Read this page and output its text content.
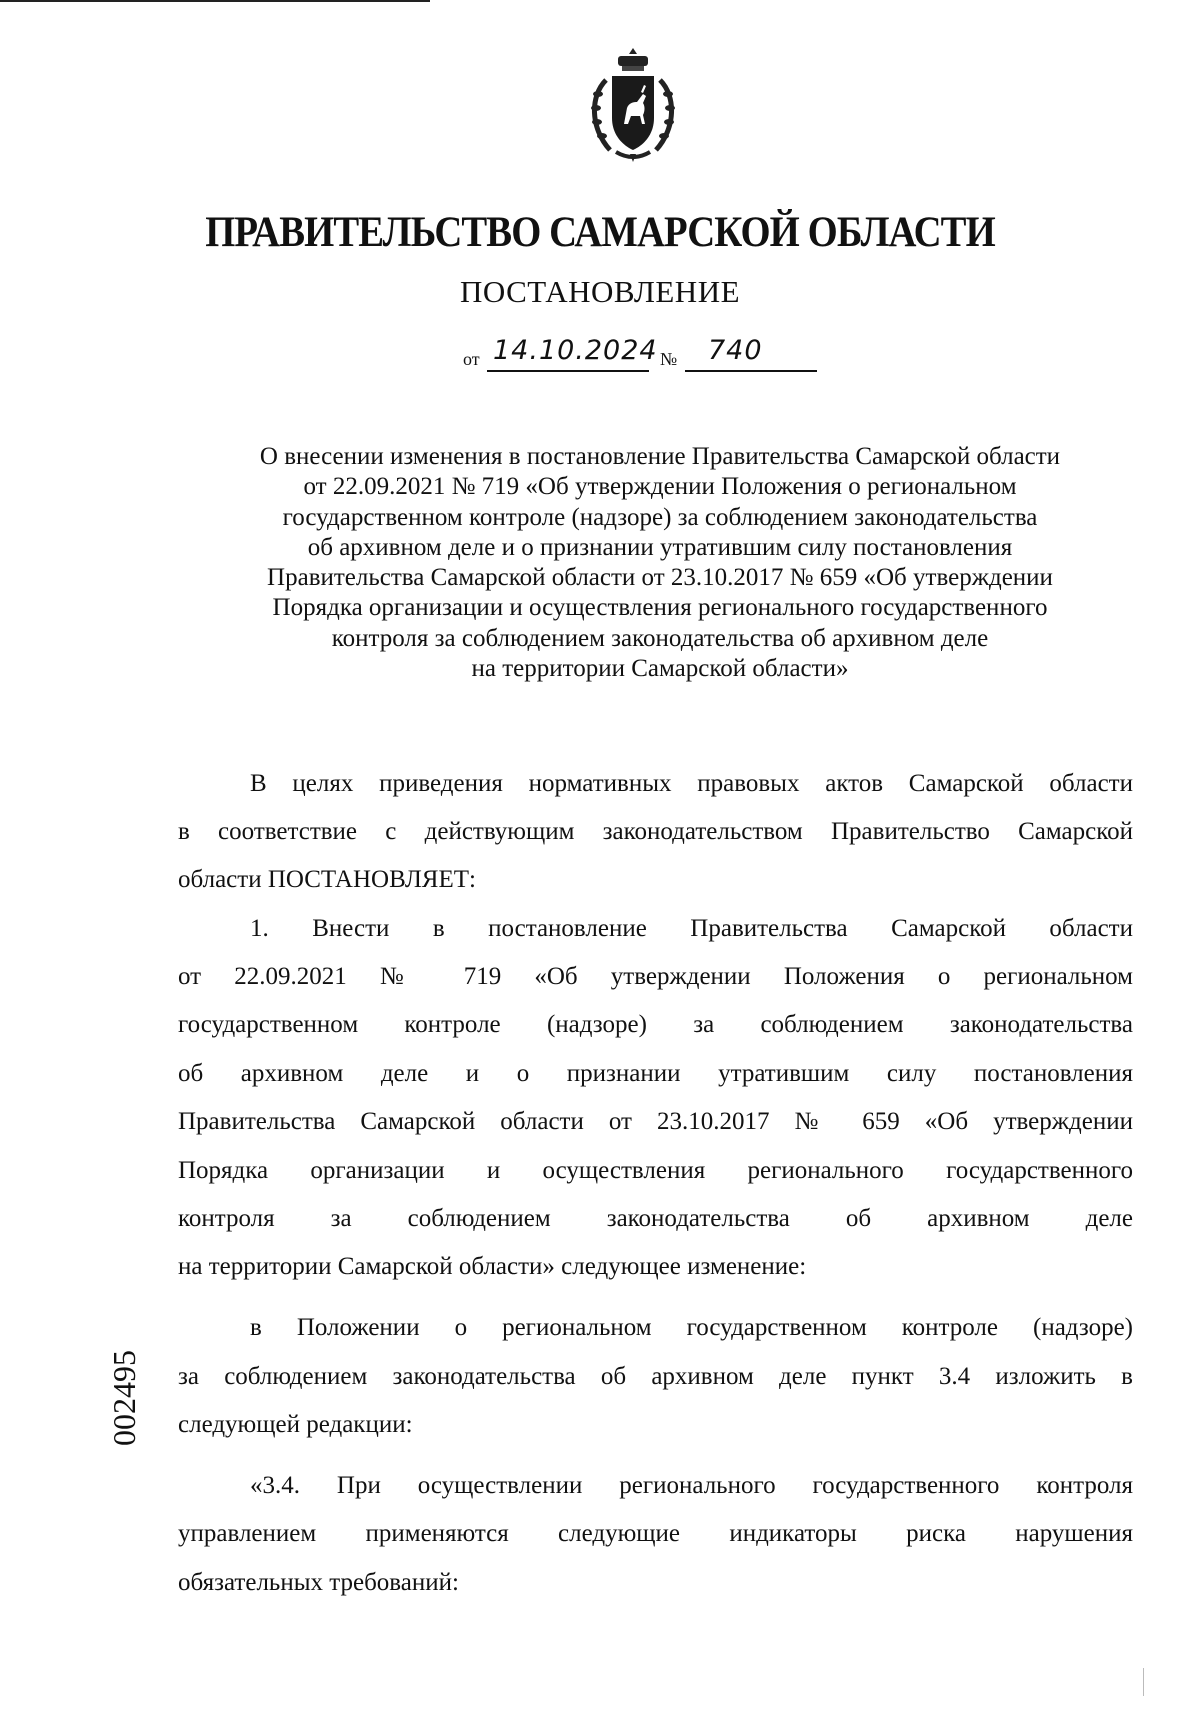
ПРАВИТЕЛЬСТВО САМАРСКОЙ ОБЛАСТИ
ПОСТАНОВЛЕНИЕ
от 14.10.2024 № 740
О внесении изменения в постановление Правительства Самарской области
от 22.09.2021 № 719 «Об утверждении Положения о региональном
государственном контроле (надзоре) за соблюдением законодательства
об архивном деле и о признании утратившим силу постановления
Правительства Самарской области от 23.10.2017 № 659 «Об утверждении
Порядка организации и осуществления регионального государственного
контроля за соблюдением законодательства об архивном деле
на территории Самарской области»
В целях приведения нормативных правовых актов Самарской области
в соответствие с действующим законодательством Правительство Самарской
области ПОСТАНОВЛЯЕТ:
1. Внести в постановление Правительства Самарской области
от 22.09.2021 № 719 «Об утверждении Положения о региональном
государственном контроле (надзоре) за соблюдением законодательства
об архивном деле и о признании утратившим силу постановления
Правительства Самарской области от 23.10.2017 № 659 «Об утверждении
Порядка организации и осуществления регионального государственного
контроля за соблюдением законодательства об архивном деле
на территории Самарской области» следующее изменение:
в Положении о региональном государственном контроле (надзоре)
за соблюдением законодательства об архивном деле пункт 3.4 изложить в
следующей редакции:
«3.4. При осуществлении регионального государственного контроля
управлением применяются следующие индикаторы риска нарушения
обязательных требований:
002495
